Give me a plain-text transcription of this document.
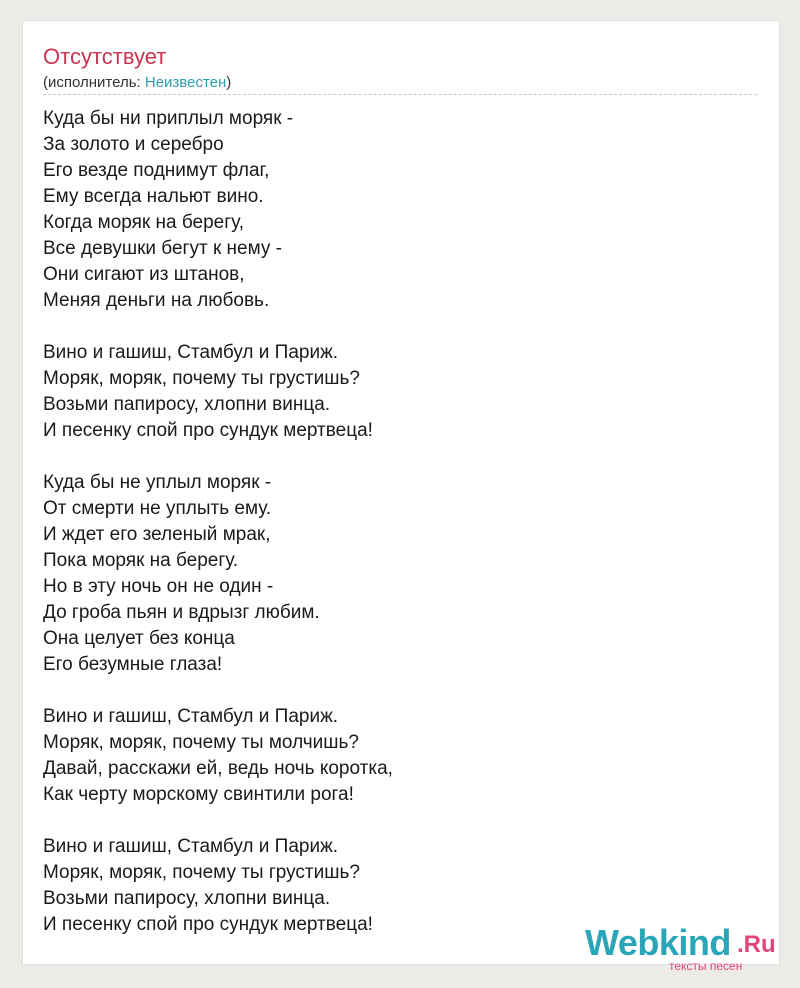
Отсутствует
(исполнитель: Неизвестен)
Куда бы ни приплыл моряк -
За золото и серебро
Его везде поднимут флаг,
Ему всегда нальют вино.
Когда моряк на берегу,
Все девушки бегут к нему -
Они сигают из штанов,
Меняя деньги на любовь.
Вино и гашиш, Стамбул и Париж.
Моряк, моряк, почему ты грустишь?
Возьми папиросу, хлопни винца.
И песенку спой про сундук мертвеца!
Куда бы не уплыл моряк -
От смерти не уплыть ему.
И ждет его зеленый мрак,
Пока моряк на берегу.
Но в эту ночь он не один -
До гроба пьян и вдрызг любим.
Она целует без конца
Его безумные глаза!
Вино и гашиш, Стамбул и Париж.
Моряк, моряк, почему ты молчишь?
Давай, расскажи ей, ведь ночь коротка,
Как черту морскому свинтили рога!
Вино и гашиш, Стамбул и Париж.
Моряк, моряк, почему ты грустишь?
Возьми папиросу, хлопни винца.
И песенку спой про сундук мертвеца!	Webkind .Ru
тексты песен
